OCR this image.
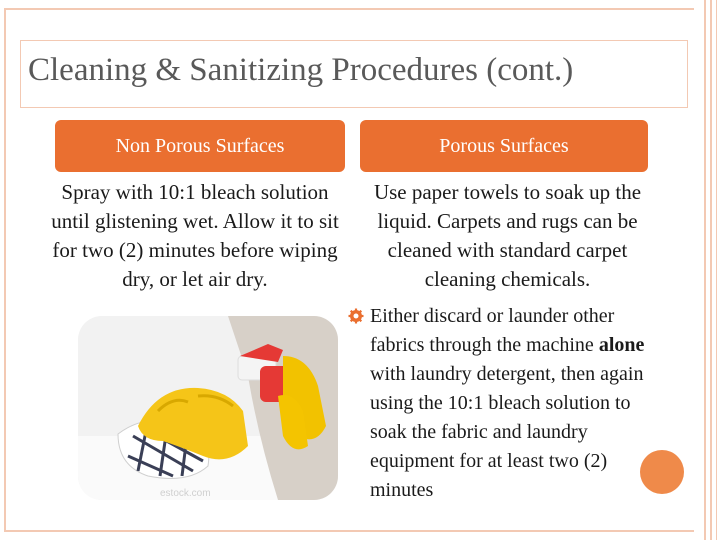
Cleaning & Sanitizing Procedures (cont.)
Non Porous Surfaces	Porous Surfaces
Spray with 10:1 bleach solution until glistening wet. Allow it to sit for two (2) minutes before wiping dry, or let air dry.
Use paper towels to soak up the liquid. Carpets and rugs can be cleaned with standard carpet cleaning chemicals.
Either discard or launder other fabrics through the machine alone with laundry detergent, then again using the 10:1 bleach solution to soak the fabric and laundry equipment for at least two (2) minutes
estock.com
